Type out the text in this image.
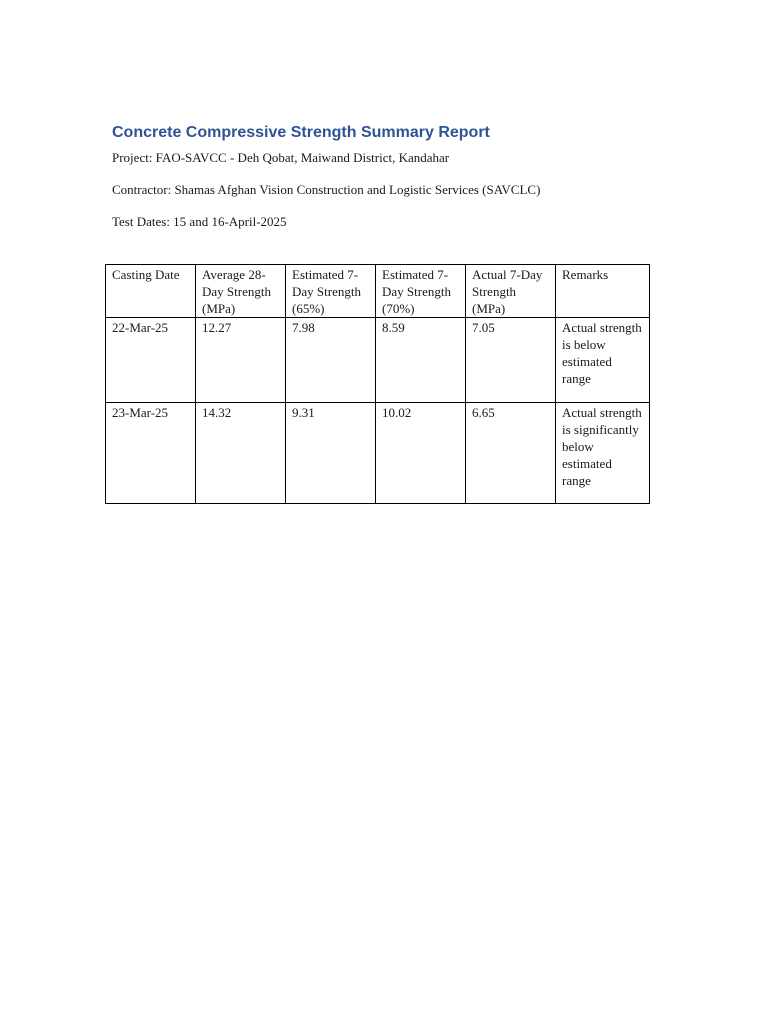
Concrete Compressive Strength Summary Report

Project: FAO-SAVCC - Deh Qobat, Maiwand District, Kandahar

Contractor: Shamas Afghan Vision Construction and Logistic Services (SAVCLC)

Test Dates: 15 and 16-April-2025

Casting Date	Average 28-Day Strength (MPa)	Estimated 7-Day Strength (65%)	Estimated 7-Day Strength (70%)	Actual 7-Day Strength (MPa)	Remarks
22-Mar-25	12.27	7.98	8.59	7.05	Actual strength is below estimated range
23-Mar-25	14.32	9.31	10.02	6.65	Actual strength is significantly below estimated range
